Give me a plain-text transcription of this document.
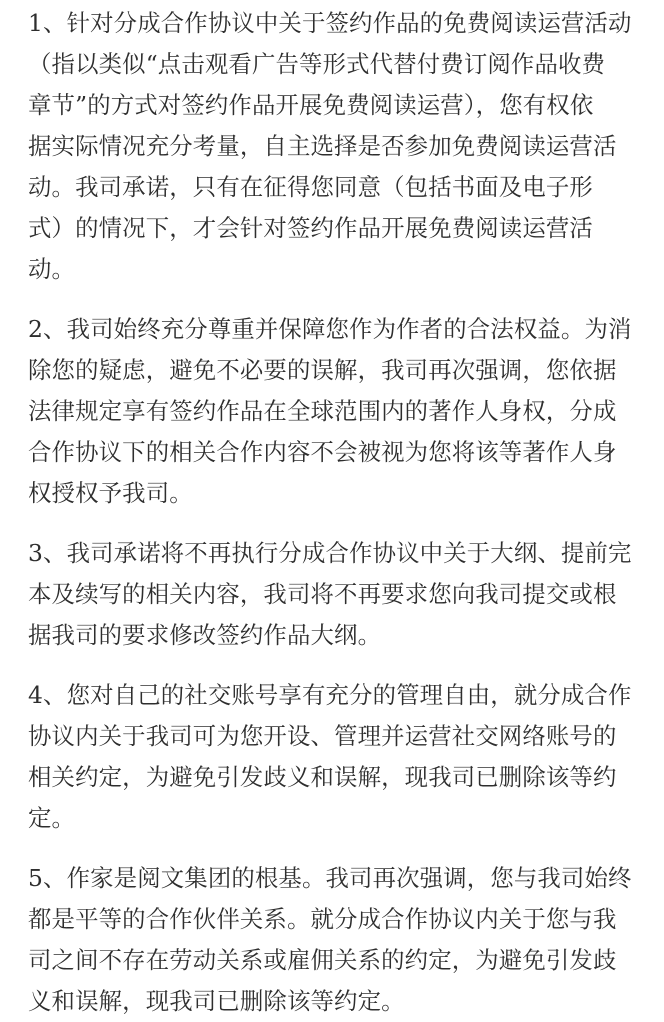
1、针对分成合作协议中关于签约作品的免费阅读运营活动
（指以类似“点击观看广告等形式代替付费订阅作品收费
章节”的方式对签约作品开展免费阅读运营），您有权依
据实际情况充分考量，自主选择是否参加免费阅读运营活
动。我司承诺，只有在征得您同意（包括书面及电子形
式）的情况下，才会针对签约作品开展免费阅读运营活
动。

2、我司始终充分尊重并保障您作为作者的合法权益。为消
除您的疑虑，避免不必要的误解，我司再次强调，您依据
法律规定享有签约作品在全球范围内的著作人身权，分成
合作协议下的相关合作内容不会被视为您将该等著作人身
权授权予我司。

3、我司承诺将不再执行分成合作协议中关于大纲、提前完
本及续写的相关内容，我司将不再要求您向我司提交或根
据我司的要求修改签约作品大纲。

4、您对自己的社交账号享有充分的管理自由，就分成合作
协议内关于我司可为您开设、管理并运营社交网络账号的
相关约定，为避免引发歧义和误解，现我司已删除该等约
定。

5、作家是阅文集团的根基。我司再次强调，您与我司始终
都是平等的合作伙伴关系。就分成合作协议内关于您与我
司之间不存在劳动关系或雇佣关系的约定，为避免引发歧
义和误解，现我司已删除该等约定。
